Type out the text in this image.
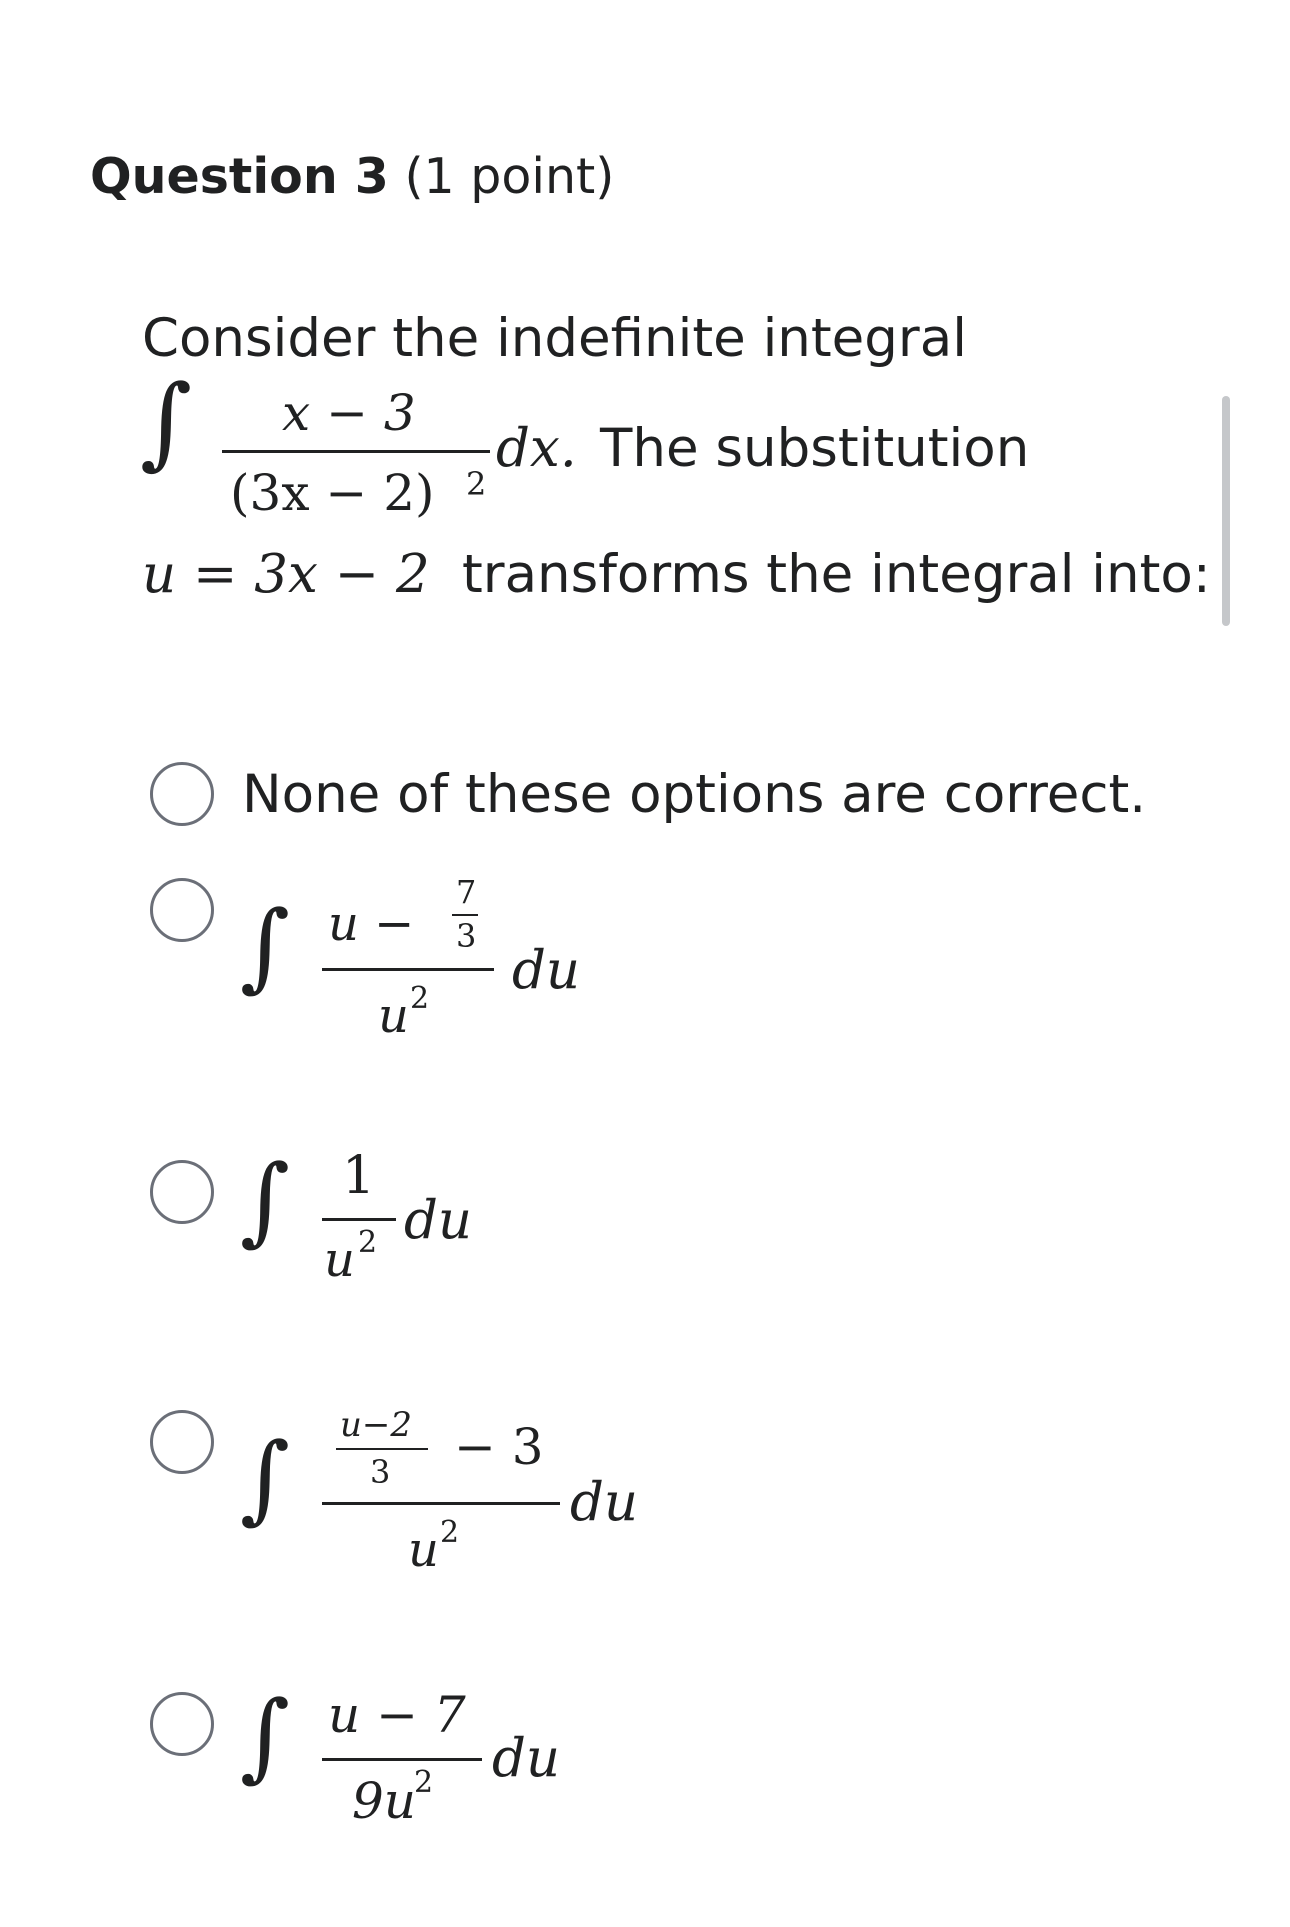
Question 3 (1 point)
Consider the indefinite integral
∫ x − 3
(3x − 2) 2
dx. The substitution
u = 3x − 2 transforms the integral into:
None of these options are correct.
∫ u −
7
3
u 2 du
∫ 1
u 2 du
∫ u−2
3 − 3
u 2 du
∫ u − 7
9u
2 du
